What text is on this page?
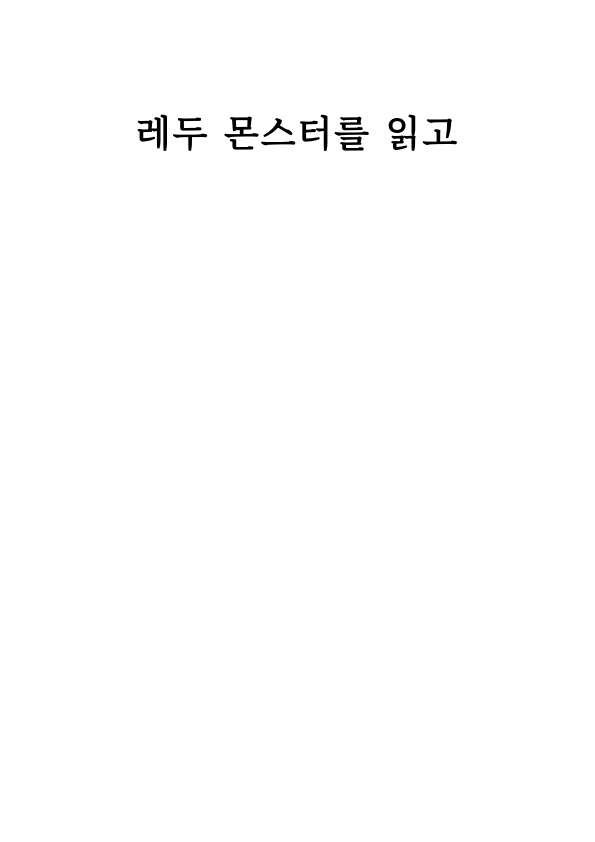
레두 몬스터를 읽고
